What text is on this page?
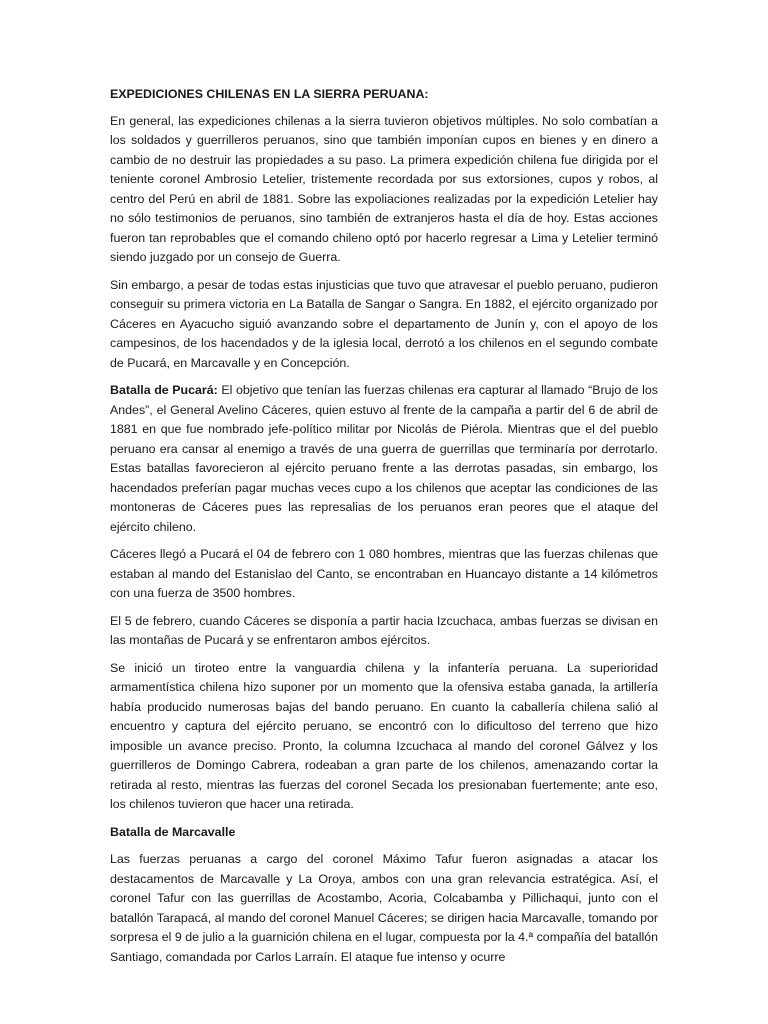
EXPEDICIONES CHILENAS EN LA SIERRA PERUANA:

En general, las expediciones chilenas a la sierra tuvieron objetivos múltiples. No solo combatían a los soldados y guerrilleros peruanos, sino que también imponían cupos en bienes y en dinero a cambio de no destruir las propiedades a su paso. La primera expedición chilena fue dirigida por el teniente coronel Ambrosio Letelier, tristemente recordada por sus extorsiones, cupos y robos, al centro del Perú en abril de 1881. Sobre las expoliaciones realizadas por la expedición Letelier hay no sólo testimonios de peruanos, sino también de extranjeros hasta el día de hoy. Estas acciones fueron tan reprobables que el comando chileno optó por hacerlo regresar a Lima y Letelier terminó siendo juzgado por un consejo de Guerra.

Sin embargo, a pesar de todas estas injusticias que tuvo que atravesar el pueblo peruano, pudieron conseguir su primera victoria en La Batalla de Sangar o Sangra. En 1882, el ejército organizado por Cáceres en Ayacucho siguió avanzando sobre el departamento de Junín y, con el apoyo de los campesinos, de los hacendados y de la iglesia local, derrotó a los chilenos en el segundo combate de Pucará, en Marcavalle y en Concepción.

Batalla de Pucará: El objetivo que tenían las fuerzas chilenas era capturar al llamado “Brujo de los Andes”, el General Avelino Cáceres, quien estuvo al frente de la campaña a partir del 6 de abril de 1881 en que fue nombrado jefe-político militar por Nicolás de Piérola. Mientras que el del pueblo peruano era cansar al enemigo a través de una guerra de guerrillas que terminaría por derrotarlo. Estas batallas favorecieron al ejército peruano frente a las derrotas pasadas, sin embargo, los hacendados preferían pagar muchas veces cupo a los chilenos que aceptar las condiciones de las montoneras de Cáceres pues las represalias de los peruanos eran peores que el ataque del ejército chileno.

Cáceres llegó a Pucará el 04 de febrero con 1 080 hombres, mientras que las fuerzas chilenas que estaban al mando del Estanislao del Canto, se encontraban en Huancayo distante a 14 kilómetros con una fuerza de 3500 hombres.

El 5 de febrero, cuando Cáceres se disponía a partir hacia Izcuchaca, ambas fuerzas se divisan en las montañas de Pucará y se enfrentaron ambos ejércitos.

Se inició un tiroteo entre la vanguardia chilena y la infantería peruana. La superioridad armamentística chilena hizo suponer por un momento que la ofensiva estaba ganada, la artillería había producido numerosas bajas del bando peruano. En cuanto la caballería chilena salió al encuentro y captura del ejército peruano, se encontró con lo dificultoso del terreno que hizo imposible un avance preciso. Pronto, la columna Izcuchaca al mando del coronel Gálvez y los guerrilleros de Domingo Cabrera, rodeaban a gran parte de los chilenos, amenazando cortar la retirada al resto, mientras las fuerzas del coronel Secada los presionaban fuertemente; ante eso, los chilenos tuvieron que hacer una retirada.

Batalla de Marcavalle

Las fuerzas peruanas a cargo del coronel Máximo Tafur fueron asignadas a atacar los destacamentos de Marcavalle y La Oroya, ambos con una gran relevancia estratégica. Así, el coronel Tafur con las guerrillas de Acostambo, Acoria, Colcabamba y Pillichaqui, junto con el batallón Tarapacá, al mando del coronel Manuel Cáceres; se dirigen hacia Marcavalle, tomando por sorpresa el 9 de julio a la guarnición chilena en el lugar, compuesta por la 4.ª compañía del batallón Santiago, comandada por Carlos Larraín. El ataque fue intenso y ocurre
